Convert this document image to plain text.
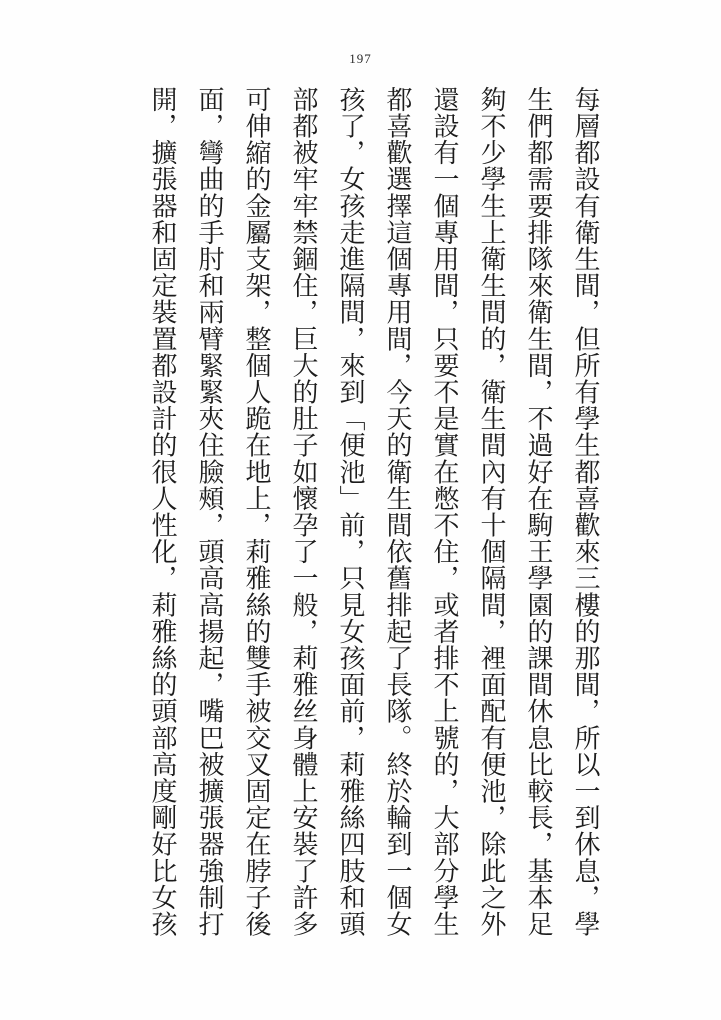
197
每層都設有衛生間，但所有學生都喜歡來三樓的那間，所以一到休息，學
生們都需要排隊來衛生間，不過好在駒王學園的課間休息比較長，基本足
夠不少學生上衛生間的，衛生間內有十個隔間，裡面配有便池，除此之外
還設有一個專用間，只要不是實在憋不住，或者排不上號的，大部分學生
都喜歡選擇這個專用間，今天的衛生間依舊排起了長隊。終於輪到一個女
孩了，女孩走進隔間，來到「便池」前，只見女孩面前，莉雅絲四肢和頭
部都被牢牢禁錮住，巨大的肚子如懷孕了一般，莉雅丝身體上安裝了許多
可伸縮的金屬支架，整個人跪在地上，莉雅絲的雙手被交叉固定在脖子後
面，彎曲的手肘和兩臂緊緊夾住臉頰，頭高高揚起，嘴巴被擴張器強制打
開，擴張器和固定裝置都設計的很人性化，莉雅絲的頭部高度剛好比女孩
